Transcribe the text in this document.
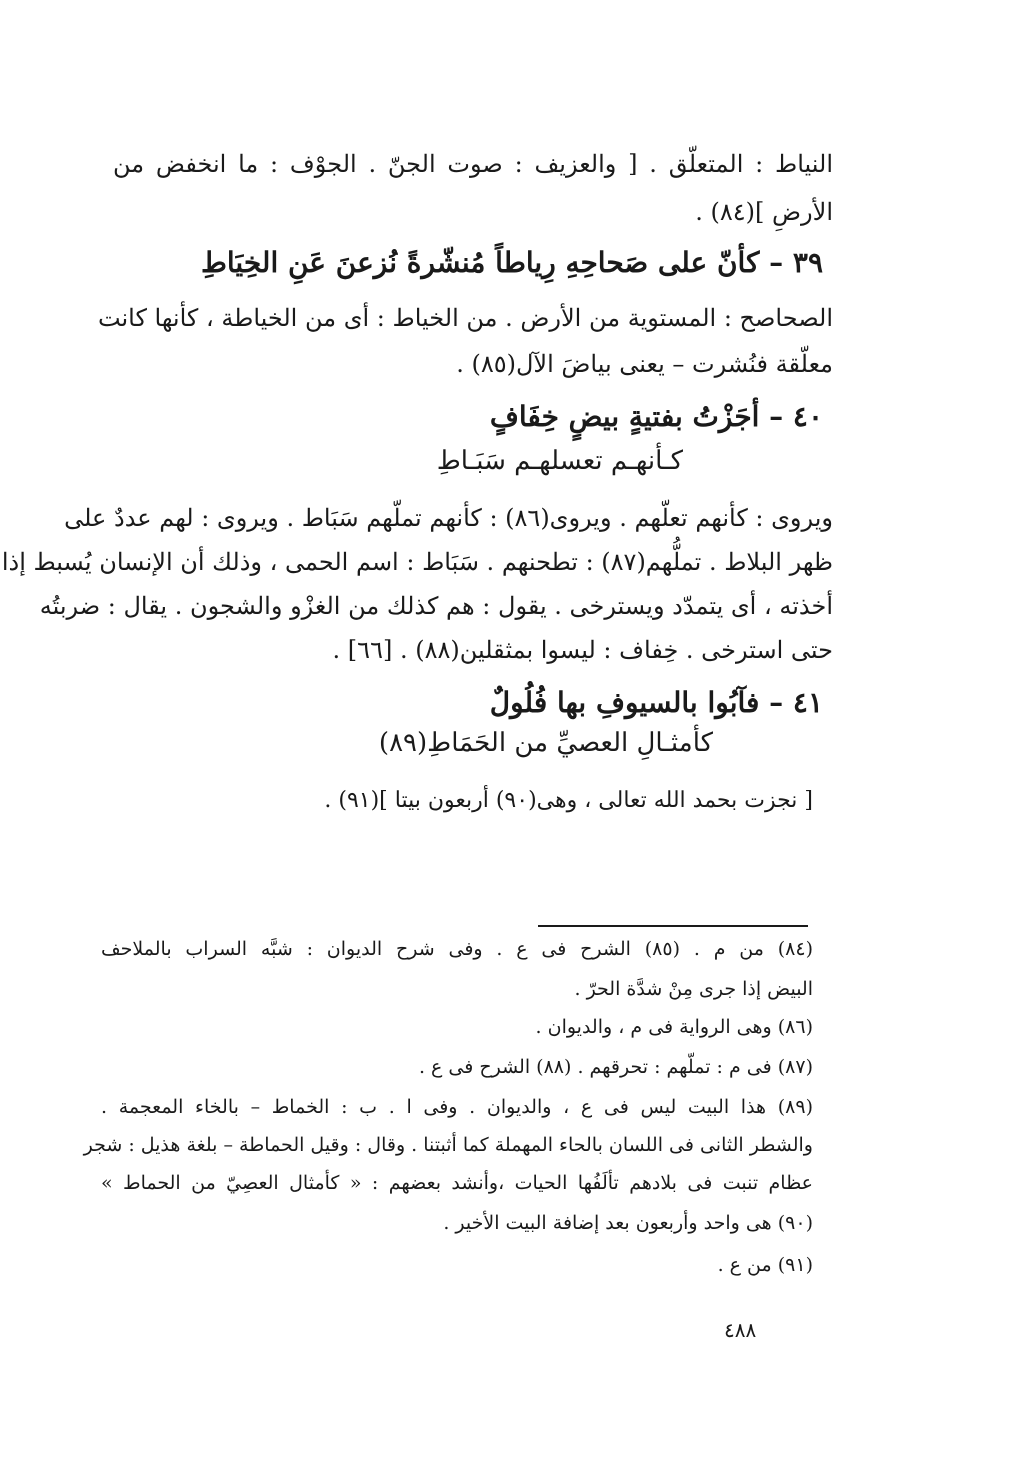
النياط : المتعلّق . [ والعزيف : صوت الجنّ . الجوْف : ما انخفض من
الأرضِ ](٨٤) .
٣٩ – كأنّ على صَحاحِهِ رِياطاً مُنشّرةً نُزعنَ عَنِ الخِيَاطِ
الصحاصح : المستوية من الأرض . من الخياط : أى من الخياطة ، كأنها كانت
معلّقة فنُشرت – يعنى بياضَ الآل(٨٥) .
٤٠ – أجَزْتُ بفتيةٍ بيضٍ خِفَافٍ
كـأنهـم تعسلهـم سَبَـاطِ
ويروى : كأنهم تعلّهم . ويروى(٨٦) : كأنهم تملّهم سَبَاط . ويروى : لهم عددٌ على
ظهر البلاط . تملُّهم(٨٧) : تطحنهم . سَبَاط : اسم الحمى ، وذلك أن الإنسان يُسبط إذا
أخذته ، أى يتمدّد ويسترخى . يقول : هم كذلك من الغزْو والشجون . يقال : ضربتُه
حتى استرخى . خِفاف : ليسوا بمثقلين(٨٨) . [٦٦] .
٤١ – فآبُوا بالسيوفِ بها فُلُولٌ
كأمثـالِ العصيِّ من الحَمَاطِ(٨٩)
[ نجزت بحمد الله تعالى ، وهى(٩٠) أربعون بيتا ](٩١) .
(٨٤) من م . (٨٥) الشرح فى ع . وفى شرح الديوان : شبَّه السراب بالملاحف
البيض إذا جرى مِنْ شدَّة الحرّ .
(٨٦) وهى الرواية فى م ، والديوان .
(٨٧) فى م : تملّهم : تحرقهم . (٨٨) الشرح فى ع .
(٨٩) هذا البيت ليس فى ع ، والديوان . وفى ا . ب : الخماط – بالخاء المعجمة .
والشطر الثانى فى اللسان بالحاء المهملة كما أثبتنا . وقال : وقيل الحماطة – بلغة هذيل : شجر
عظام تنبت فى بلادهم تألَفُها الحيات ،وأنشد بعضهم : « كأمثال العصِيّ من الحماط »
(٩٠) هى واحد وأربعون بعد إضافة البيت الأخير .
(٩١) من ع .
٤٨٨
